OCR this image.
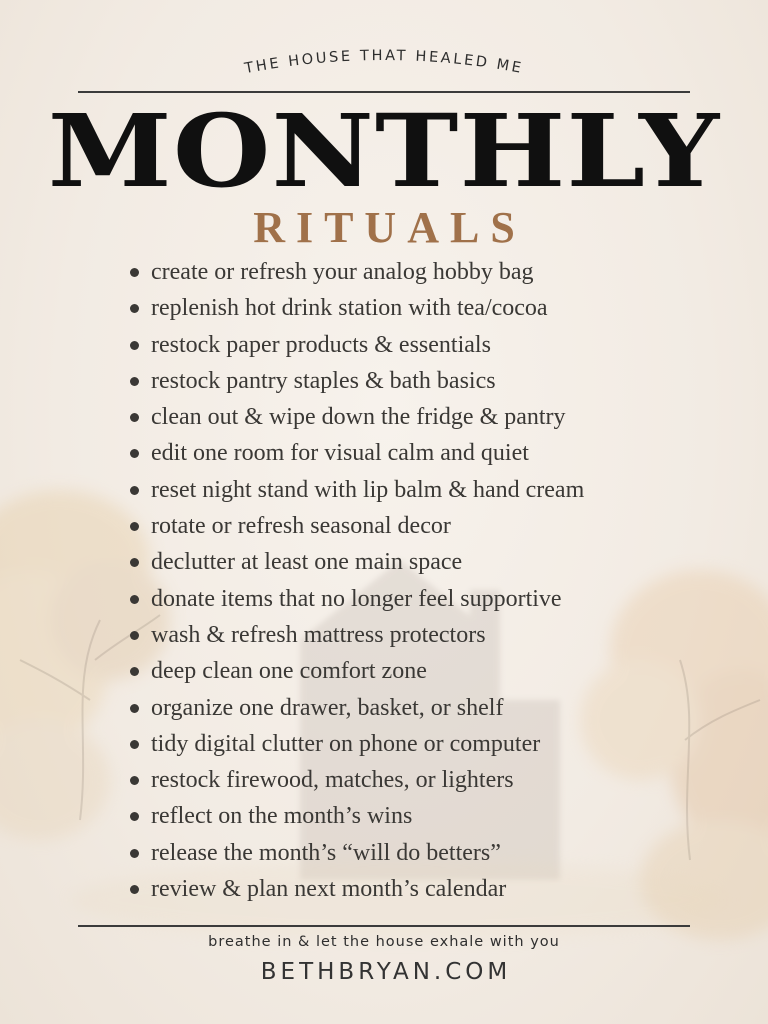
THE HOUSE THAT HEALED ME
MONTHLY
RITUALS
create or refresh your analog hobby bag
replenish hot drink station with tea/cocoa
restock paper products & essentials
restock pantry staples & bath basics
clean out & wipe down the fridge & pantry
edit one room for visual calm and quiet
reset night stand with lip balm & hand cream
rotate or refresh seasonal decor
declutter at least one main space
donate items that no longer feel supportive
wash & refresh mattress protectors
deep clean one comfort zone
organize one drawer, basket, or shelf
tidy digital clutter on phone or computer
restock firewood, matches, or lighters
reflect on the month’s wins
release the month’s “will do betters”
review & plan next month’s calendar
breathe in & let the house exhale with you
BETHBRYAN.COM
